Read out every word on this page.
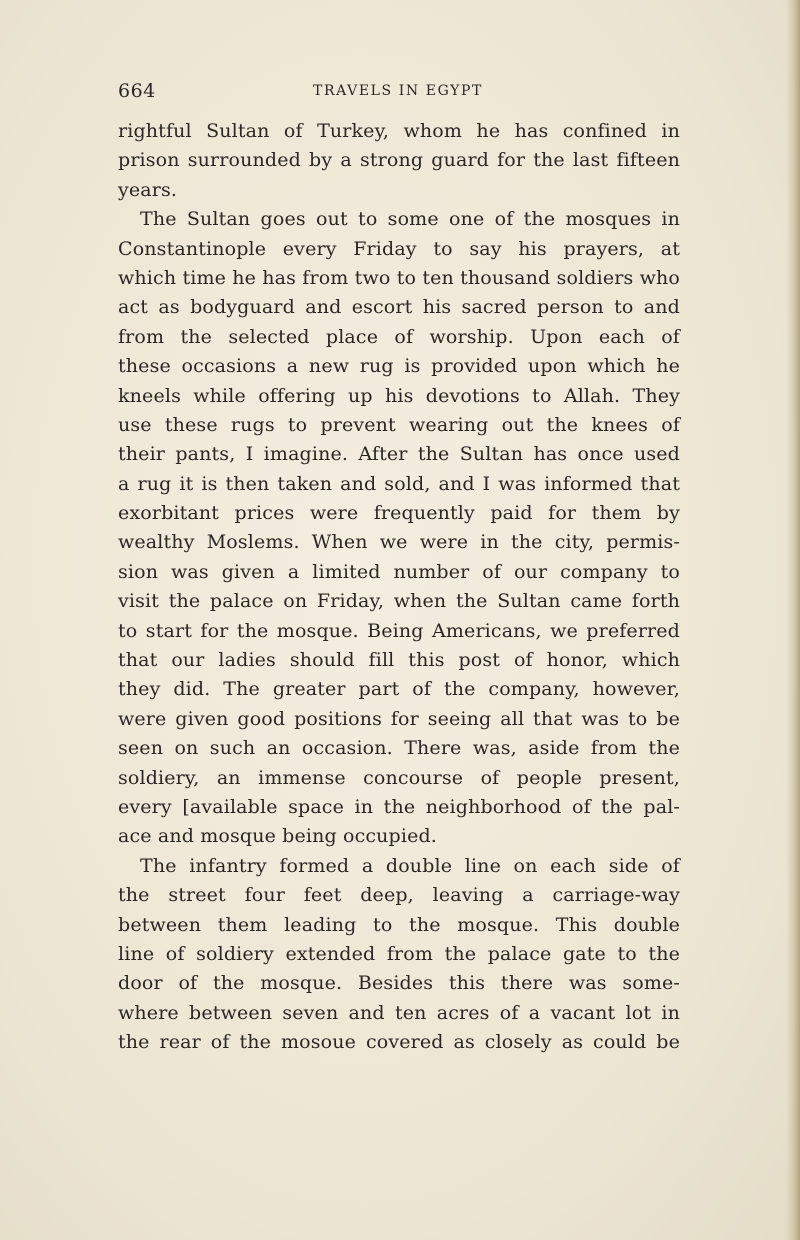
664	TRAVELS IN EGYPT
rightful Sultan of Turkey, whom he has confined in
prison surrounded by a strong guard for the last fifteen
years.
The Sultan goes out to some one of the mosques in
Constantinople every Friday to say his prayers, at
which time he has from two to ten thousand soldiers who
act as bodyguard and escort his sacred person to and
from the selected place of worship. Upon each of
these occasions a new rug is provided upon which he
kneels while offering up his devotions to Allah. They
use these rugs to prevent wearing out the knees of
their pants, I imagine. After the Sultan has once used
a rug it is then taken and sold, and I was informed that
exorbitant prices were frequently paid for them by
wealthy Moslems. When we were in the city, permis-
sion was given a limited number of our company to
visit the palace on Friday, when the Sultan came forth
to start for the mosque. Being Americans, we preferred
that our ladies should fill this post of honor, which
they did. The greater part of the company, however,
were given good positions for seeing all that was to be
seen on such an occasion. There was, aside from the
soldiery, an immense concourse of people present,
every [available space in the neighborhood of the pal-
ace and mosque being occupied.
The infantry formed a double line on each side of
the street four feet deep, leaving a carriage-way
between them leading to the mosque. This double
line of soldiery extended from the palace gate to the
door of the mosque. Besides this there was some-
where between seven and ten acres of a vacant lot in
the rear of the mosoue covered as closely as could be
